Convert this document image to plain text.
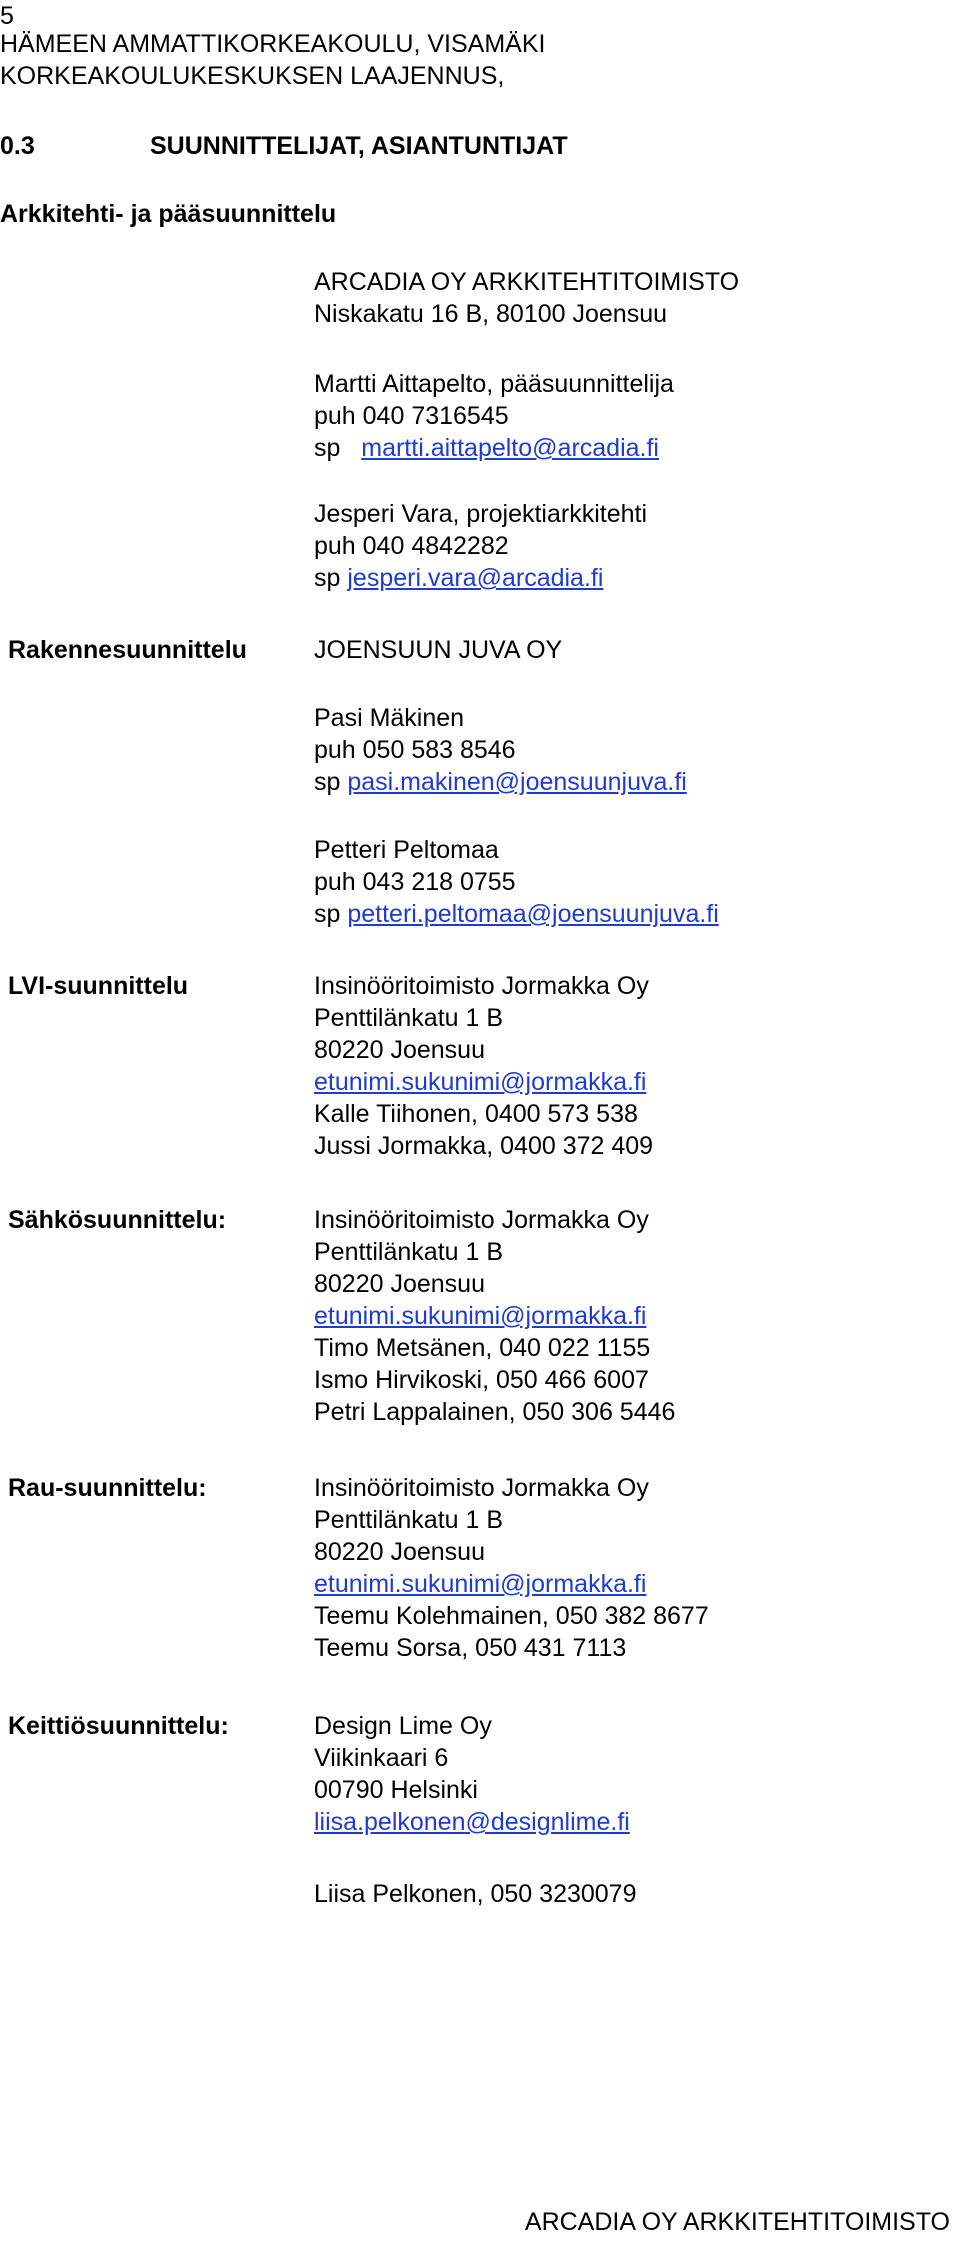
5
HÄMEEN AMMATTIKORKEAKOULU, VISAMÄKI
KORKEAKOULUKESKUKSEN LAAJENNUS,
0.3	SUUNNITTELIJAT, ASIANTUNTIJAT
Arkkitehti- ja pääsuunnittelu
ARCADIA OY ARKKITEHTITOIMISTO
Niskakatu 16 B, 80100 Joensuu
Martti Aittapelto, pääsuunnittelija
puh 040 7316545
sp martti.aittapelto@arcadia.fi
Jesperi Vara, projektiarkkitehti
puh 040 4842282
sp jesperi.vara@arcadia.fi
Rakennesuunnittelu	JOENSUUN JUVA OY
Pasi Mäkinen
puh 050 583 8546
sp pasi.makinen@joensuunjuva.fi
Petteri Peltomaa
puh 043 218 0755
sp petteri.peltomaa@joensuunjuva.fi
LVI-suunnittelu	Insinööritoimisto Jormakka Oy
Penttilänkatu 1 B
80220 Joensuu
etunimi.sukunimi@jormakka.fi
Kalle Tiihonen, 0400 573 538
Jussi Jormakka, 0400 372 409
Sähkösuunnittelu:	Insinööritoimisto Jormakka Oy
Penttilänkatu 1 B
80220 Joensuu
etunimi.sukunimi@jormakka.fi
Timo Metsänen, 040 022 1155
Ismo Hirvikoski, 050 466 6007
Petri Lappalainen, 050 306 5446
Rau-suunnittelu:	Insinööritoimisto Jormakka Oy
Penttilänkatu 1 B
80220 Joensuu
etunimi.sukunimi@jormakka.fi
Teemu Kolehmainen, 050 382 8677
Teemu Sorsa, 050 431 7113
Keittiösuunnittelu:	Design Lime Oy
Viikinkaari 6
00790 Helsinki
liisa.pelkonen@designlime.fi
Liisa Pelkonen, 050 3230079
ARCADIA OY ARKKITEHTITOIMISTO
